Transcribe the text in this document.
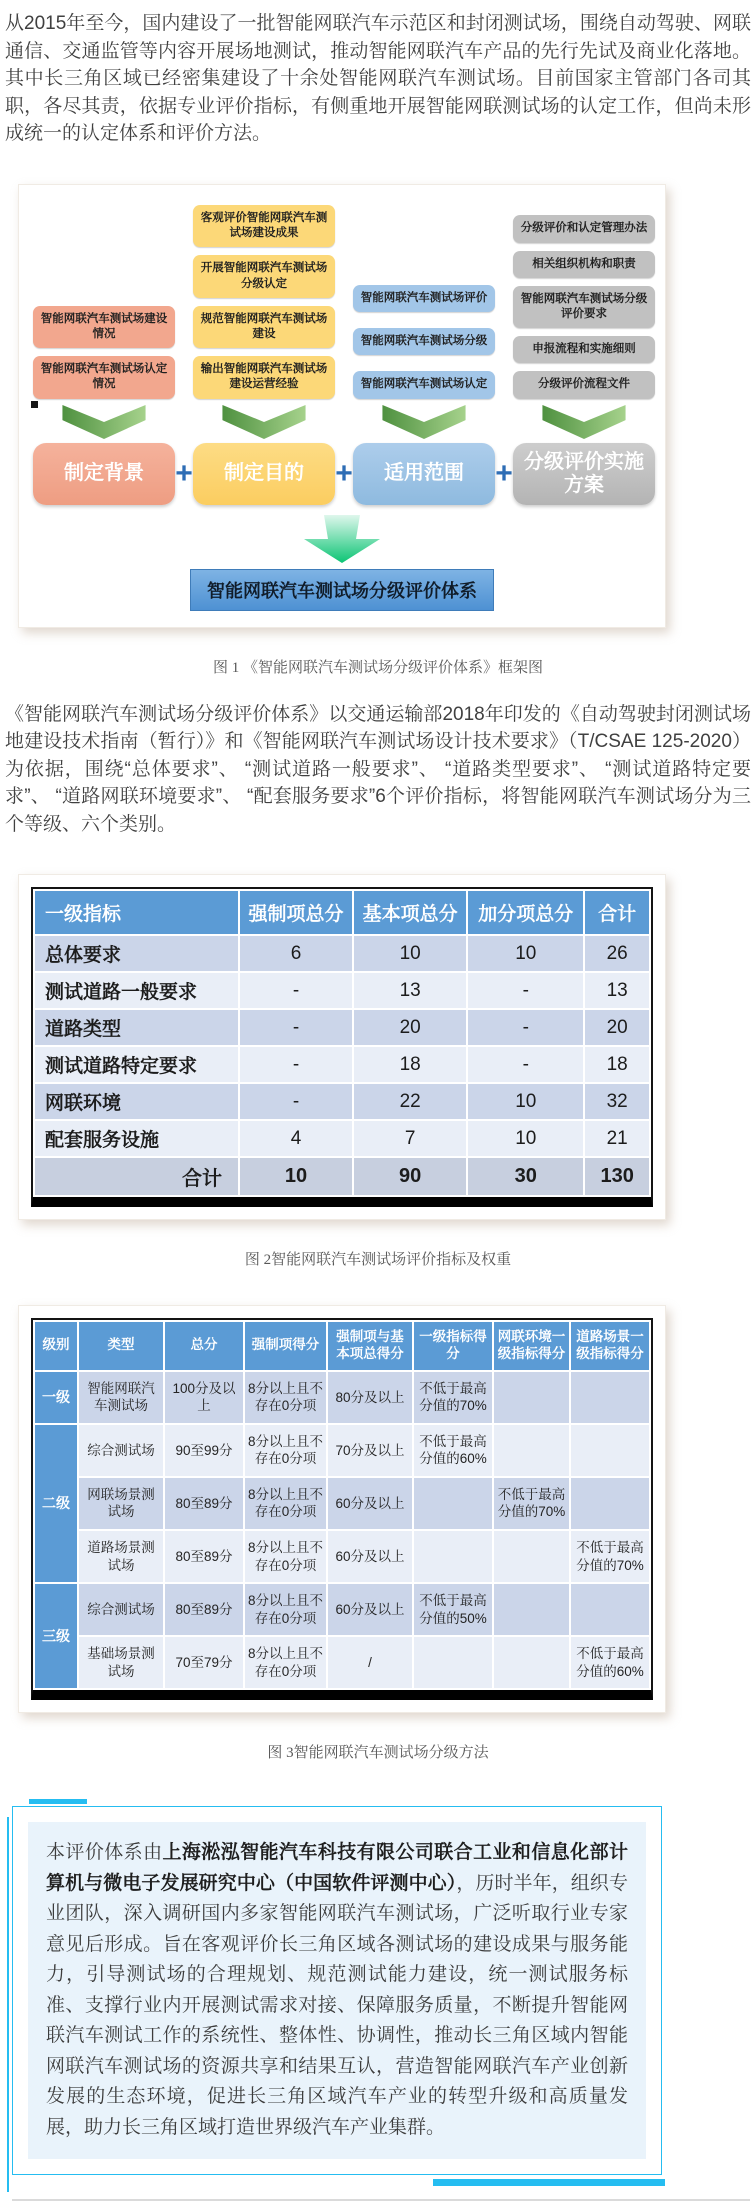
从2015年至今，国内建设了一批智能网联汽车示范区和封闭测试场，围绕自动驾驶、网联通信、交通监管等内容开展场地测试，推动智能网联汽车产品的先行先试及商业化落地。其中长三角区域已经密集建设了十余处智能网联汽车测试场。目前国家主管部门各司其职，各尽其责，依据专业评价指标，有侧重地开展智能网联测试场的认定工作，但尚未形成统一的认定体系和评价方法。

智能网联汽车测试场建设情况
智能网联汽车测试场认定情况
客观评价智能网联汽车测试场建设成果
开展智能网联汽车测试场分级认定
规范智能网联汽车测试场建设
输出智能网联汽车测试场建设运营经验
智能网联汽车测试场评价
智能网联汽车测试场分级
智能网联汽车测试场认定
分级评价和认定管理办法
相关组织机构和职责
智能网联汽车测试场分级评价要求
申报流程和实施细则
分级评价流程文件
制定背景	+	制定目的	+	适用范围	+ 分级评价实施方案
智能网联汽车测试场分级评价体系
图 1 《智能网联汽车测试场分级评价体系》框架图

《智能网联汽车测试场分级评价体系》以交通运输部2018年印发的《自动驾驶封闭测试场地建设技术指南（暂行）》和《智能网联汽车测试场设计技术要求》（T/CSAE 125-2020）为依据，围绕“总体要求”、 “测试道路一般要求”、 “道路类型要求”、 “测试道路特定要求”、 “道路网联环境要求”、 “配套服务要求”6个评价指标，将智能网联汽车测试场分为三个等级、六个类别。

一级指标	强制项总分	基本项总分	加分项总分	合计
总体要求	6	10	10	26
测试道路一般要求	-	13	-	13
道路类型	-	20	-	20
测试道路特定要求	-	18	-	18
网联环境	-	22	10	32
配套服务设施	4	7	10	21
合计	10	90	30	130
图 2智能网联汽车测试场评价指标及权重
级别	类型	总分	强制项得分	强制项与基本项总得分	一级指标得分	网联环境一级指标得分	道路场景一级指标得分
一级	智能网联汽车测试场	100分及以上	8分以上且不存在0分项	80分及以上	不低于最高分值的70%		
二级	综合测试场	90至99分	8分以上且不存在0分项	70分及以上	不低于最高分值的60%		
	网联场景测试场	80至89分	8分以上且不存在0分项	60分及以上		不低于最高分值的70%	
	道路场景测试场	80至89分	8分以上且不存在0分项	60分及以上			不低于最高分值的70%
三级	综合测试场	80至89分	8分以上且不存在0分项	60分及以上	不低于最高分值的50%		
	基础场景测试场	70至79分	8分以上且不存在0分项	/			不低于最高分值的60%
图 3智能网联汽车测试场分级方法
本评价体系由上海淞泓智能汽车科技有限公司联合工业和信息化部计算机与微电子发展研究中心（中国软件评测中心），历时半年，组织专业团队，深入调研国内多家智能网联汽车测试场，广泛听取行业专家意见后形成。旨在客观评价长三角区域各测试场的建设成果与服务能力，引导测试场的合理规划、规范测试能力建设，统一测试服务标准、支撑行业内开展测试需求对接、保障服务质量，不断提升智能网联汽车测试工作的系统性、整体性、协调性，推动长三角区域内智能网联汽车测试场的资源共享和结果互认，营造智能网联汽车产业创新发展的生态环境，促进长三角区域汽车产业的转型升级和高质量发展，助力长三角区域打造世界级汽车产业集群。
